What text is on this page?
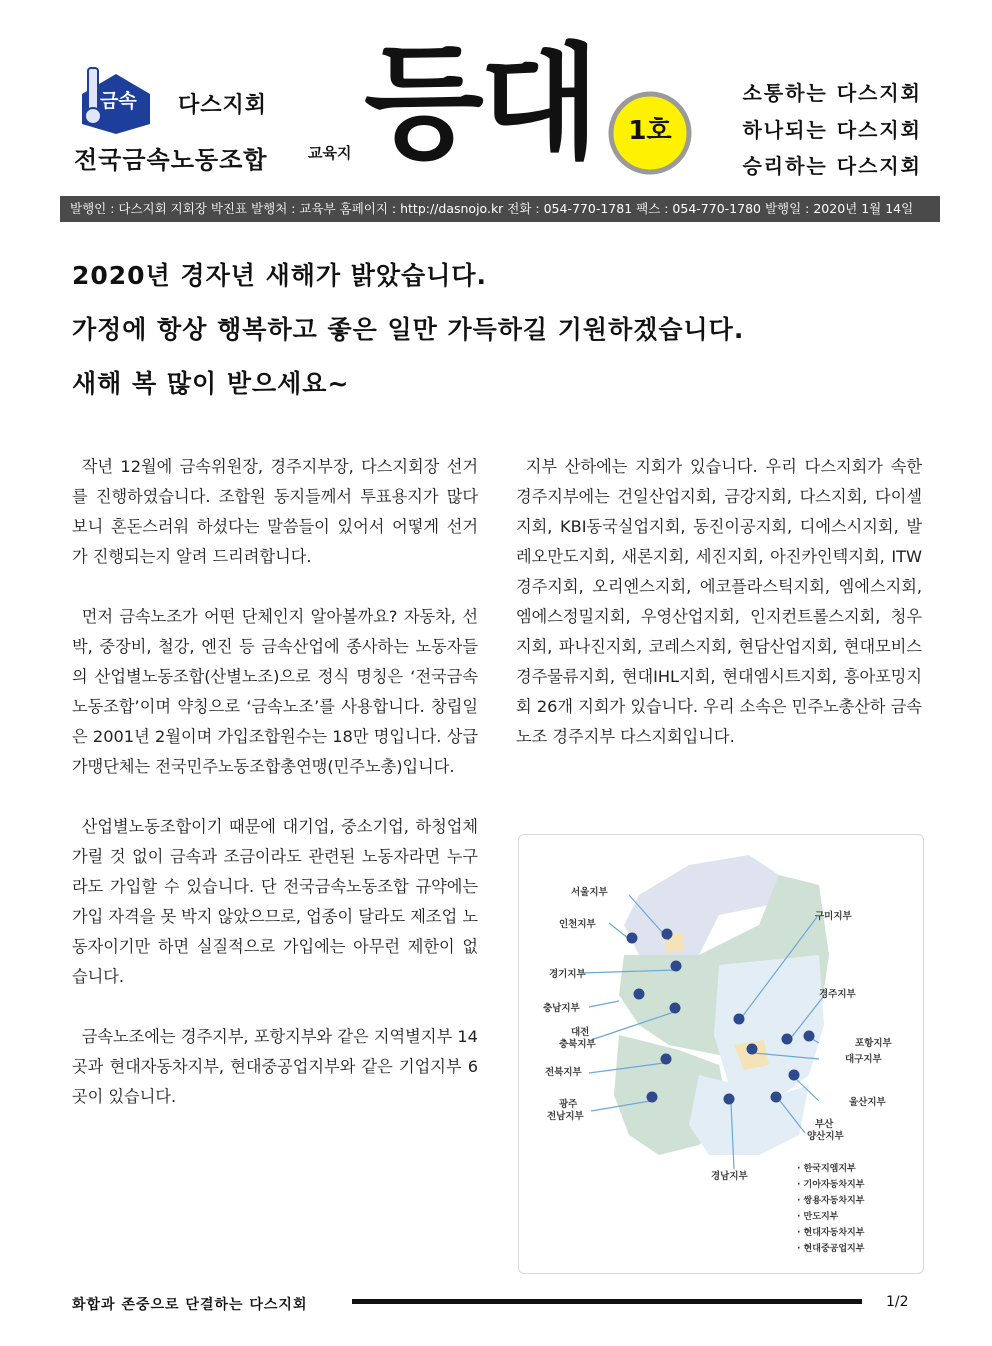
금속 다스지회
전국금속노동조합	교육지 등대	1호
소통하는 다스지회
하나되는 다스지회
승리하는 다스지회
발행인 : 다스지회 지회장 박진표 발행처 : 교육부 홈페이지 : http://dasnojo.kr 전화 : 054-770-1781 팩스 : 054-770-1780 발행일 : 2020년 1월 14일
2020년 경자년 새해가 밝았습니다.
가정에 항상 행복하고 좋은 일만 가득하길 기원하겠습니다.
새해 복 많이 받으세요~

작년 12월에 금속위원장, 경주지부장, 다스지회장 선거를 진행하였습니다. 조합원 동지들께서 투표용지가 많다보니 혼돈스러워 하셨다는 말씀들이 있어서 어떻게 선거가 진행되는지 알려 드리려합니다.

먼저 금속노조가 어떤 단체인지 알아볼까요? 자동차, 선박, 중장비, 철강, 엔진 등 금속산업에 종사하는 노동자들의 산업별노동조합(산별노조)으로 정식 명칭은 ‘전국금속노동조합’이며 약칭으로 ‘금속노조’를 사용합니다. 창립일은 2001년 2월이며 가입조합원수는 18만 명입니다. 상급가맹단체는 전국민주노동조합총연맹(민주노총)입니다.

산업별노동조합이기 때문에 대기업, 중소기업, 하청업체 가릴 것 없이 금속과 조금이라도 관련된 노동자라면 누구라도 가입할 수 있습니다. 단 전국금속노동조합 규약에는 가입 자격을 못 박지 않았으므로, 업종이 달라도 제조업 노동자이기만 하면 실질적으로 가입에는 아무런 제한이 없습니다.

금속노조에는 경주지부, 포항지부와 같은 지역별지부 14곳과 현대자동차지부, 현대중공업지부와 같은 기업지부 6곳이 있습니다.

지부 산하에는 지회가 있습니다. 우리 다스지회가 속한 경주지부에는 건일산업지회, 금강지회, 다스지회, 다이셀지회, KBI동국실업지회, 동진이공지회, 디에스시지회, 발레오만도지회, 새론지회, 세진지회, 아진카인텍지회, ITW경주지회, 오리엔스지회, 에코플라스틱지회, 엠에스지회, 엠에스정밀지회, 우영산업지회, 인지컨트롤스지회, 청우지회, 파나진지회, 코레스지회, 현담산업지회, 현대모비스경주물류지회, 현대IHL지회, 현대엠시트지회, 흥아포밍지회 26개 지회가 있습니다. 우리 소속은 민주노총산하 금속노조 경주지부 다스지회입니다.

서울지부
인천지부
경기지부
충남지부
대전
충북지부
전북지부
광주
전남지부
경남지부
구미지부
경주지부
포항지부
대구지부
울산지부
부산
양산지부
· 한국지엠지부
· 기아자동차지부
· 쌍용자동차지부
· 만도지부
· 현대자동차지부
· 현대중공업지부
화합과 존중으로 단결하는 다스지회	1/2
